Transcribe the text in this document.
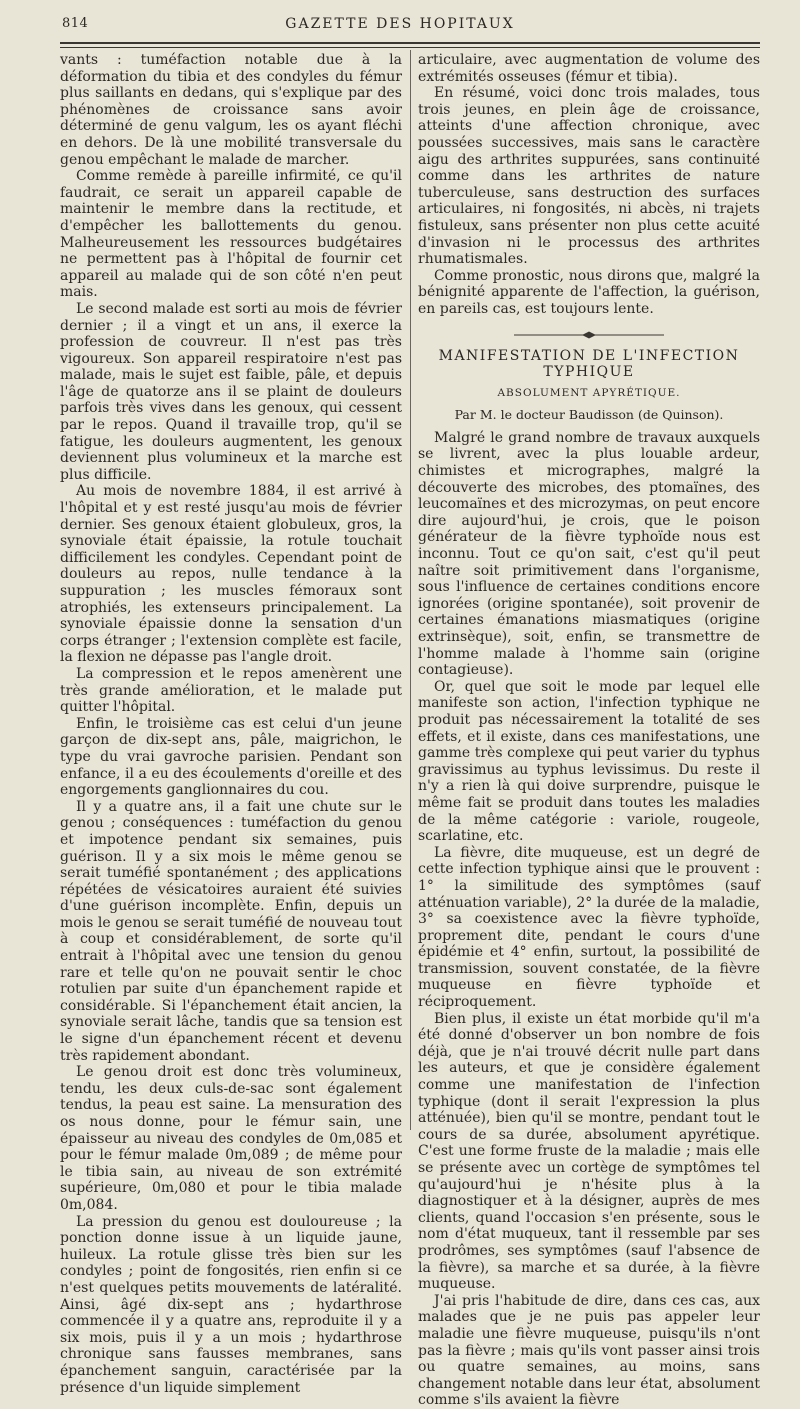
814	GAZETTE DES HOPITAUX

vants : tuméfaction notable due à la déformation du tibia et des condyles du fémur plus saillants en dedans, qui s'explique par des phénomènes de croissance sans avoir déterminé de genu valgum, les os ayant fléchi en dehors. De là une mobilité transversale du genou empêchant le malade de marcher.

Comme remède à pareille infirmité, ce qu'il faudrait, ce serait un appareil capable de maintenir le membre dans la rectitude, et d'empêcher les ballottements du genou. Malheureusement les ressources budgétaires ne permettent pas à l'hôpital de fournir cet appareil au malade qui de son côté n'en peut mais.

Le second malade est sorti au mois de février dernier ; il a vingt et un ans, il exerce la profession de couvreur. Il n'est pas très vigoureux. Son appareil respiratoire n'est pas malade, mais le sujet est faible, pâle, et depuis l'âge de quatorze ans il se plaint de douleurs parfois très vives dans les genoux, qui cessent par le repos. Quand il travaille trop, qu'il se fatigue, les douleurs augmentent, les genoux deviennent plus volumineux et la marche est plus difficile.

Au mois de novembre 1884, il est arrivé à l'hôpital et y est resté jusqu'au mois de février dernier. Ses genoux étaient globuleux, gros, la synoviale était épaissie, la rotule touchait difficilement les condyles. Cependant point de douleurs au repos, nulle tendance à la suppuration ; les muscles fémoraux sont atrophiés, les extenseurs principalement. La synoviale épaissie donne la sensation d'un corps étranger ; l'extension complète est facile, la flexion ne dépasse pas l'angle droit.

La compression et le repos amenèrent une très grande amélioration, et le malade put quitter l'hôpital.

Enfin, le troisième cas est celui d'un jeune garçon de dix-sept ans, pâle, maigrichon, le type du vrai gavroche parisien. Pendant son enfance, il a eu des écoulements d'oreille et des engorgements ganglionnaires du cou.

Il y a quatre ans, il a fait une chute sur le genou ; conséquences : tuméfaction du genou et impotence pendant six semaines, puis guérison. Il y a six mois le même genou se serait tuméfié spontanément ; des applications répétées de vésicatoires auraient été suivies d'une guérison incomplète. Enfin, depuis un mois le genou se serait tuméfié de nouveau tout à coup et considérablement, de sorte qu'il entrait à l'hôpital avec une tension du genou rare et telle qu'on ne pouvait sentir le choc rotulien par suite d'un épanchement rapide et considérable. Si l'épanchement était ancien, la synoviale serait lâche, tandis que sa tension est le signe d'un épanchement récent et devenu très rapidement abondant.

Le genou droit est donc très volumineux, tendu, les deux culs-de-sac sont également tendus, la peau est saine. La mensuration des os nous donne, pour le fémur sain, une épaisseur au niveau des condyles de 0m,085 et pour le fémur malade 0m,089 ; de même pour le tibia sain, au niveau de son extrémité supérieure, 0m,080 et pour le tibia malade 0m,084.

La pression du genou est douloureuse ; la ponction donne issue à un liquide jaune, huileux. La rotule glisse très bien sur les condyles ; point de fongosités, rien enfin si ce n'est quelques petits mouvements de latéralité. Ainsi, âgé dix-sept ans ; hydarthrose commencée il y a quatre ans, reproduite il y a six mois, puis il y a un mois ; hydarthrose chronique sans fausses membranes, sans épanchement sanguin, caractérisée par la présence d'un liquide simplement

articulaire, avec augmentation de volume des extrémités osseuses (fémur et tibia).

En résumé, voici donc trois malades, tous trois jeunes, en plein âge de croissance, atteints d'une affection chronique, avec poussées successives, mais sans le caractère aigu des arthrites suppurées, sans continuité comme dans les arthrites de nature tuberculeuse, sans destruction des surfaces articulaires, ni fongosités, ni abcès, ni trajets fistuleux, sans présenter non plus cette acuité d'invasion ni le processus des arthrites rhumatismales.

Comme pronostic, nous dirons que, malgré la bénignité apparente de l'affection, la guérison, en pareils cas, est toujours lente.

MANIFESTATION DE L'INFECTION TYPHIQUE
ABSOLUMENT APYRÉTIQUE.
Par M. le docteur Baudisson (de Quinson).

Malgré le grand nombre de travaux auxquels se livrent, avec la plus louable ardeur, chimistes et micrographes, malgré la découverte des microbes, des ptomaïnes, des leucomaïnes et des microzymas, on peut encore dire aujourd'hui, je crois, que le poison générateur de la fièvre typhoïde nous est inconnu. Tout ce qu'on sait, c'est qu'il peut naître soit primitivement dans l'organisme, sous l'influence de certaines conditions encore ignorées (origine spontanée), soit provenir de certaines émanations miasmatiques (origine extrinsèque), soit, enfin, se transmettre de l'homme malade à l'homme sain (origine contagieuse).

Or, quel que soit le mode par lequel elle manifeste son action, l'infection typhique ne produit pas nécessairement la totalité de ses effets, et il existe, dans ces manifestations, une gamme très complexe qui peut varier du typhus gravissimus au typhus levissimus. Du reste il n'y a rien là qui doive surprendre, puisque le même fait se produit dans toutes les maladies de la même catégorie : variole, rougeole, scarlatine, etc.

La fièvre, dite muqueuse, est un degré de cette infection typhique ainsi que le prouvent : 1° la similitude des symptômes (sauf atténuation variable), 2° la durée de la maladie, 3° sa coexistence avec la fièvre typhoïde, proprement dite, pendant le cours d'une épidémie et 4° enfin, surtout, la possibilité de transmission, souvent constatée, de la fièvre muqueuse en fièvre typhoïde et réciproquement.

Bien plus, il existe un état morbide qu'il m'a été donné d'observer un bon nombre de fois déjà, que je n'ai trouvé décrit nulle part dans les auteurs, et que je considère également comme une manifestation de l'infection typhique (dont il serait l'expression la plus atténuée), bien qu'il se montre, pendant tout le cours de sa durée, absolument apyrétique. C'est une forme fruste de la maladie ; mais elle se présente avec un cortège de symptômes tel qu'aujourd'hui je n'hésite plus à la diagnostiquer et à la désigner, auprès de mes clients, quand l'occasion s'en présente, sous le nom d'état muqueux, tant il ressemble par ses prodrômes, ses symptômes (sauf l'absence de la fièvre), sa marche et sa durée, à la fièvre muqueuse.

J'ai pris l'habitude de dire, dans ces cas, aux malades que je ne puis pas appeler leur maladie une fièvre muqueuse, puisqu'ils n'ont pas la fièvre ; mais qu'ils vont passer ainsi trois ou quatre semaines, au moins, sans changement notable dans leur état, absolument comme s'ils avaient la fièvre
